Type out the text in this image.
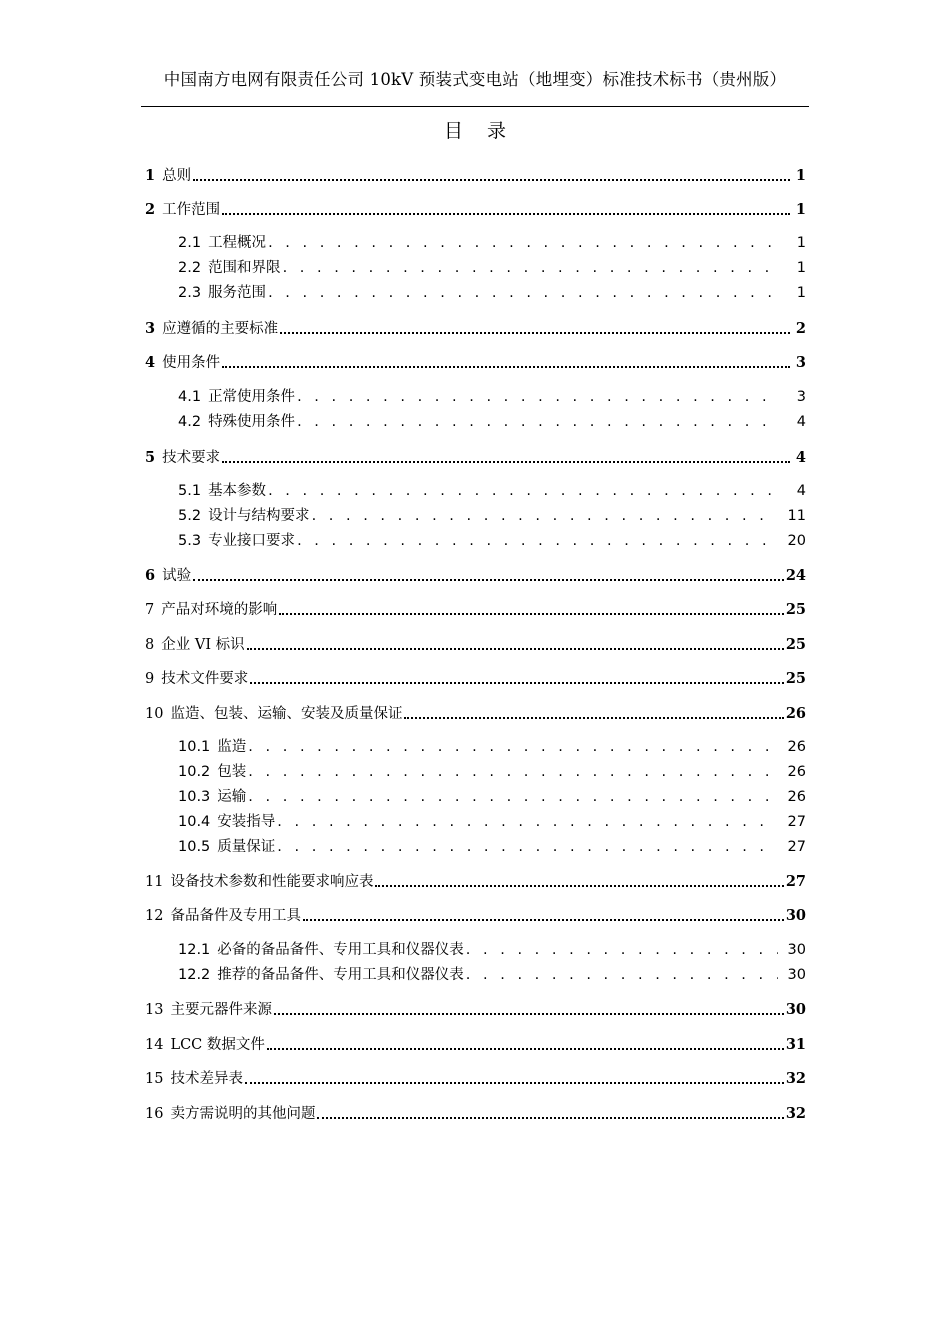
中国南方电网有限责任公司 10kV 预装式变电站（地埋变）标准技术标书（贵州版）
目 录
1 总则	1
2 工作范围	1
2.1 工程概况 . . .	1
2.2 范围和界限 . . .	1
2.3 服务范围 . . .	1
3 应遵循的主要标准	2
4 使用条件	3
4.1 正常使用条件 . . .	3
4.2 特殊使用条件 . . .	4
5 技术要求	4
5.1 基本参数 . . .	4
5.2 设计与结构要求 . . .	11
5.3 专业接口要求 . . .	20
6 试验	24
7 产品对环境的影响	25
8 企业 VI 标识	25
9 技术文件要求	25
10 监造、包装、运输、安装及质量保证	26
10.1 监造 . . .	26
10.2 包装 . . .	26
10.3 运输 . . .	26
10.4 安装指导 . . .	27
10.5 质量保证 . . .	27
11 设备技术参数和性能要求响应表	27
12 备品备件及专用工具	30
12.1 必备的备品备件、专用工具和仪器仪表 . . .	30
12.2 推荐的备品备件、专用工具和仪器仪表 . . .	30
13 主要元器件来源	30
14 LCC 数据文件	31
15 技术差异表	32
16 卖方需说明的其他问题	32
